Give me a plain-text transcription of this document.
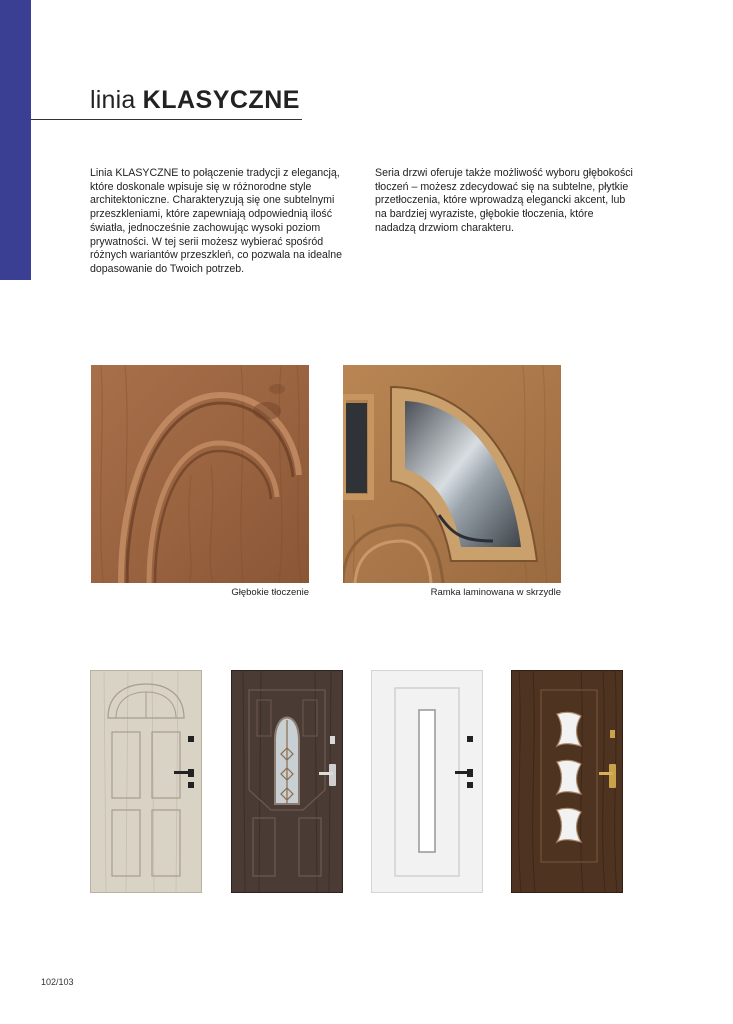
linia KLASYCZNE

Linia KLASYCZNE to połączenie tradycji z elegancją, które doskonale wpisuje się w różnorodne style architektoniczne. Charakteryzują się one subtelnymi przeszkleniami, które zapewniają odpowiednią ilość światła, jednocześnie zachowując wysoki poziom prywatności. W tej serii możesz wybierać spośród różnych wariantów przeszkleń, co pozwala na idealne dopasowanie do Twoich potrzeb.

Seria drzwi oferuje także możliwość wyboru głębokości tłoczeń – możesz zdecydować się na subtelne, płytkie przetłoczenia, które wprowadzą elegancki akcent, lub na bardziej wyraziste, głębokie tłoczenia, które nadadzą drzwiom charakteru.

Głębokie tłoczenie	Ramka laminowana w skrzydle

102/103
